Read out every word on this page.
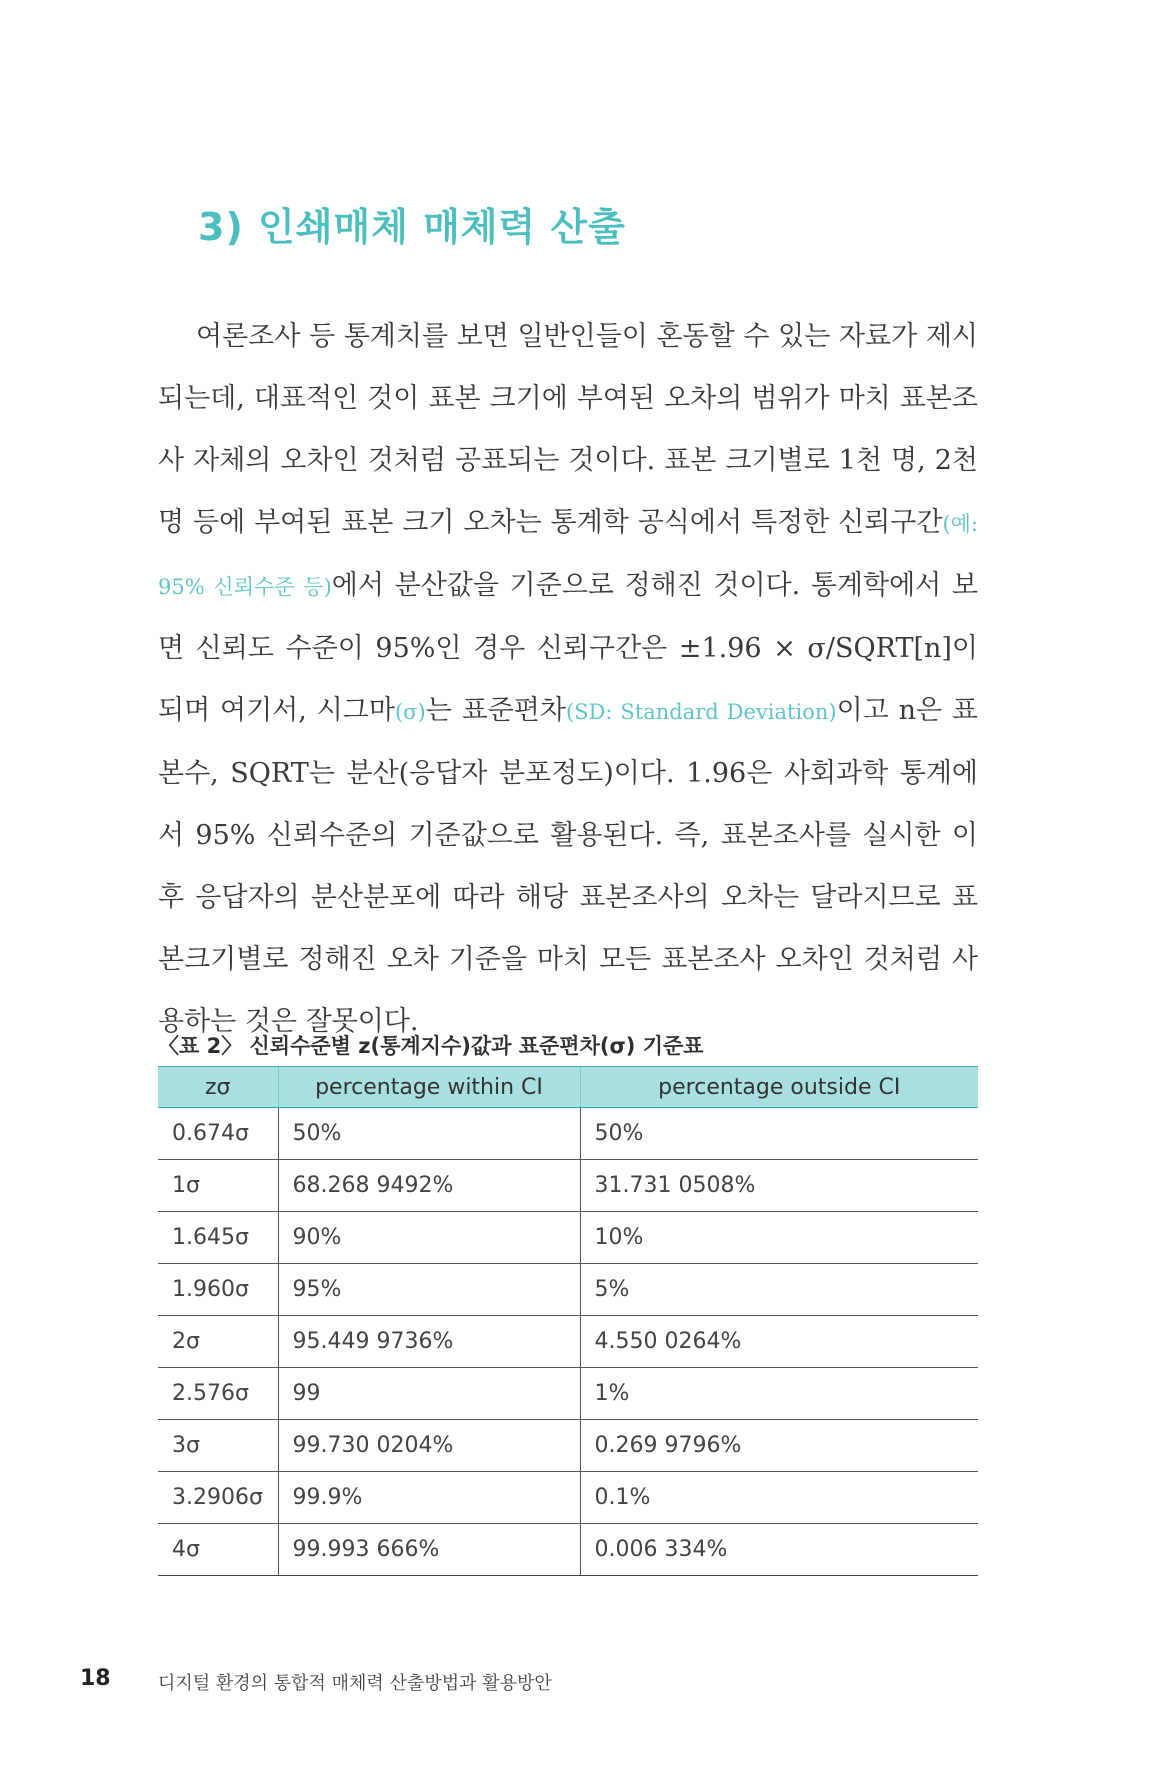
3) 인쇄매체 매체력 산출

여론조사 등 통계치를 보면 일반인들이 혼동할 수 있는 자료가 제시되는데, 대표적인 것이 표본 크기에 부여된 오차의 범위가 마치 표본조사 자체의 오차인 것처럼 공표되는 것이다. 표본 크기별로 1천 명, 2천 명 등에 부여된 표본 크기 오차는 통계학 공식에서 특정한 신뢰구간(예: 95% 신뢰수준 등)에서 분산값을 기준으로 정해진 것이다. 통계학에서 보면 신뢰도 수준이 95%인 경우 신뢰구간은 ±1.96 × σ/SQRT[n]이 되며 여기서, 시그마(σ)는 표준편차(SD: Standard Deviation)이고 n은 표본수, SQRT는 분산(응답자 분포정도)이다. 1.96은 사회과학 통계에서 95% 신뢰수준의 기준값으로 활용된다. 즉, 표본조사를 실시한 이후 응답자의 분산분포에 따라 해당 표본조사의 오차는 달라지므로 표본크기별로 정해진 오차 기준을 마치 모든 표본조사 오차인 것처럼 사용하는 것은 잘못이다.

〈표 2〉 신뢰수준별 z(통계지수)값과 표준편차(σ) 기준표
zσ	percentage within CI	percentage outside CI
0.674σ	50%	50%
1σ	68.268 9492%	31.731 0508%
1.645σ	90%	10%
1.960σ	95%	5%
2σ	95.449 9736%	4.550 0264%
2.576σ	99	1%
3σ	99.730 0204%	0.269 9796%
3.2906σ	99.9%	0.1%
4σ	99.993 666%	0.006 334%
18	디지털 환경의 통합적 매체력 산출방법과 활용방안
